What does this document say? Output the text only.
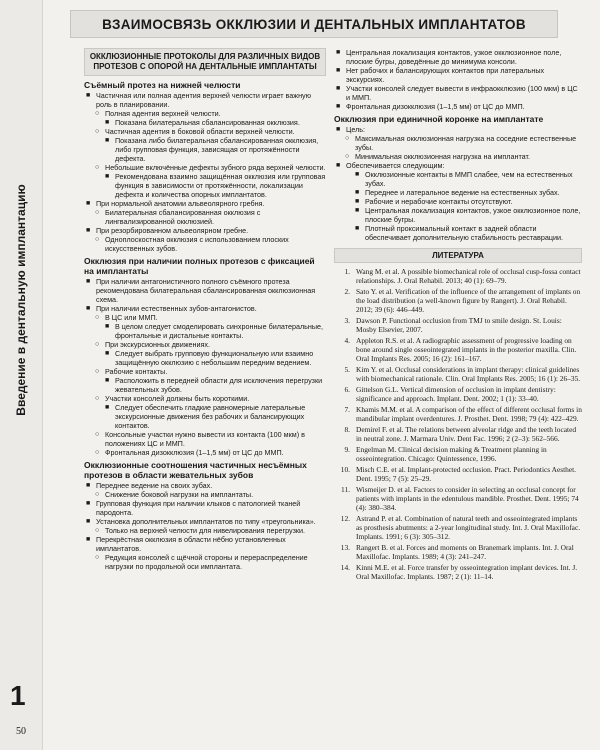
Введение в дентальную имплантацию
1
50
ВЗАИМОСВЯЗЬ ОККЛЮЗИИ И ДЕНТАЛЬНЫХ ИМПЛАНТАТОВ
ОККЛЮЗИОННЫЕ ПРОТОКОЛЫ ДЛЯ РАЗЛИЧНЫХ ВИДОВ ПРОТЕЗОВ С ОПОРОЙ НА ДЕНТАЛЬНЫЕ ИМПЛАНТАТЫ
Съёмный протез на нижней челюсти
■ Частичная или полная адентия верхней челюсти играет важную роль в планировании.
○ Полная адентия верхней челюсти.
■ Показана билатеральная сбалансированная окклюзия.
○ Частичная адентия в боковой области верхней челюсти.
■ Показана либо билатеральная сбалансированная окклюзия, либо групповая функция, зависящая от протяжённости дефекта.
○ Небольшие включённые дефекты зубного ряда верхней челюсти.
■ Рекомендована взаимно защищённая окклюзия или групповая функция в зависимости от протяжённости, локализации дефекта и количества опорных имплантатов.
■ При нормальной анатомии альвеолярного гребня.
○ Билатеральная сбалансированная окклюзия с лингвализированной окклюзией.
■ При резорбированном альвеолярном гребне.
○ Одноплоскостная окклюзия с использованием плоских искусственных зубов.
Окклюзия при наличии полных протезов с фиксацией на имплантаты
■ При наличии антагонистичного полного съёмного протеза рекомендована билатеральная сбалансированная окклюзионная схема.
■ При наличии естественных зубов-антагонистов.
○ В ЦС или ММП.
■ В целом следует смоделировать синхронные билатеральные, фронтальные и дистальные контакты.
○ При экскурсионных движениях.
■ Следует выбрать групповую функциональную или взаимно защищённую окклюзию с небольшим передним ведением.
○ Рабочие контакты.
■ Расположить в передней области для исключения перегрузки жевательных зубов.
○ Участки консолей должны быть короткими.
■ Следует обеспечить гладкие равномерные латеральные экскурсионные движения без рабочих и балансирующих контактов.
○ Консольные участки нужно вывести из контакта (100 мкм) в положениях ЦС и ММП.
○ Фронтальная дизокклюзия (1–1,5 мм) от ЦС до ММП.
Окклюзионные соотношения частичных несъёмных протезов в области жевательных зубов
■ Переднее ведение на своих зубах.
○ Снижение боковой нагрузки на имплантаты.
■ Групповая функция при наличии клыков с патологией тканей пародонта.
■ Установка дополнительных имплантатов по типу «треугольника».
○ Только на верхней челюсти для нивелирования перегрузки.
■ Перекрёстная окклюзия в области нёбно установленных имплантатов.
○ Редукция консолей с щёчной стороны и перераспределение нагрузки по продольной оси имплантата.
■ Центральная локализация контактов, узкое окклюзионное поле, плоские бугры, доведённые до минимума консоли.
■ Нет рабочих и балансирующих контактов при латеральных экскурсиях.
■ Участки консолей следует вывести в инфраокклюзию (100 мкм) в ЦС и ММП.
■ Фронтальная дизокклюзия (1–1,5 мм) от ЦС до ММП.
Окклюзия при единичной коронке на имплантате
■ Цель:
○ Максимальная окклюзионная нагрузка на соседние естественные зубы.
○ Минимальная окклюзионная нагрузка на имплантат.
■ Обеспечивается следующим:
■ Окклюзионные контакты в ММП слабее, чем на естественных зубах.
■ Переднее и латеральное ведение на естественных зубах.
■ Рабочие и нерабочие контакты отсутствуют.
■ Центральная локализация контактов, узкое окклюзионное поле, плоские бугры.
■ Плотный проксимальный контакт в задней области обеспечивает дополнительную стабильность реставрации.
ЛИТЕРАТУРА
1. Wang M. et al. A possible biomechanical role of occlusal cusp-fossa contact relationships. J. Oral Rehabil. 2013; 40 (1): 69–79.
2. Sato Y. et al. Verification of the influence of the arrangement of implants on the load distribution (a well-known figure by Rangert). J. Oral Rehabil. 2012; 39 (6): 446–449.
3. Dawson P. Functional occlusion from TMJ to smile design. St. Louis: Mosby Elsevier, 2007.
4. Appleton R.S. et al. A radiographic assessment of progressive loading on bone around single osseointegrated implants in the posterior maxilla. Clin. Oral Implants Res. 2005; 16 (2): 161–167.
5. Kim Y. et al. Occlusal considerations in implant therapy: clinical guidelines with biomechanical rationale. Clin. Oral Implants Res. 2005; 16 (1): 26–35.
6. Gittelson G.L. Vertical dimension of occlusion in implant dentistry: significance and approach. Implant. Dent. 2002; 1 (1): 33–40.
7. Khamis M.M. et al. A comparison of the effect of different occlusal forms in mandibular implant overdentures. J. Prosthet. Dent. 1998; 79 (4): 422–429.
8. Demirel F. et al. The relations between alveolar ridge and the teeth located in neutral zone. J. Marmara Univ. Dent Fac. 1996; 2 (2–3): 562–566.
9. Engelman M. Clinical decision making & Treatment planning in osseointegration. Chicago: Quintessence, 1996.
10. Misch C.E. et al. Implant-protected occlusion. Pract. Periodontics Aesthet. Dent. 1995; 7 (5): 25–29.
11. Wismeijer D. et al. Factors to consider in selecting an occlusal concept for patients with implants in the edentulous mandible. Prosthet. Dent. 1995; 74 (4): 380–384.
12. Astrand P. et al. Combination of natural teeth and osseointegrated implants as prosthesis abutments: a 2-year longitudinal study. Int. J. Oral Maxillofac. Implants. 1991; 6 (3): 305–312.
13. Rangert B. et al. Forces and moments on Branemark implants. Int. J. Oral Maxillofac. Implants. 1989; 4 (3): 241–247.
14. Kinni M.E. et al. Force transfer by osseointegration implant devices. Int. J. Oral Maxillofac. Implants. 1987; 2 (1): 11–14.
